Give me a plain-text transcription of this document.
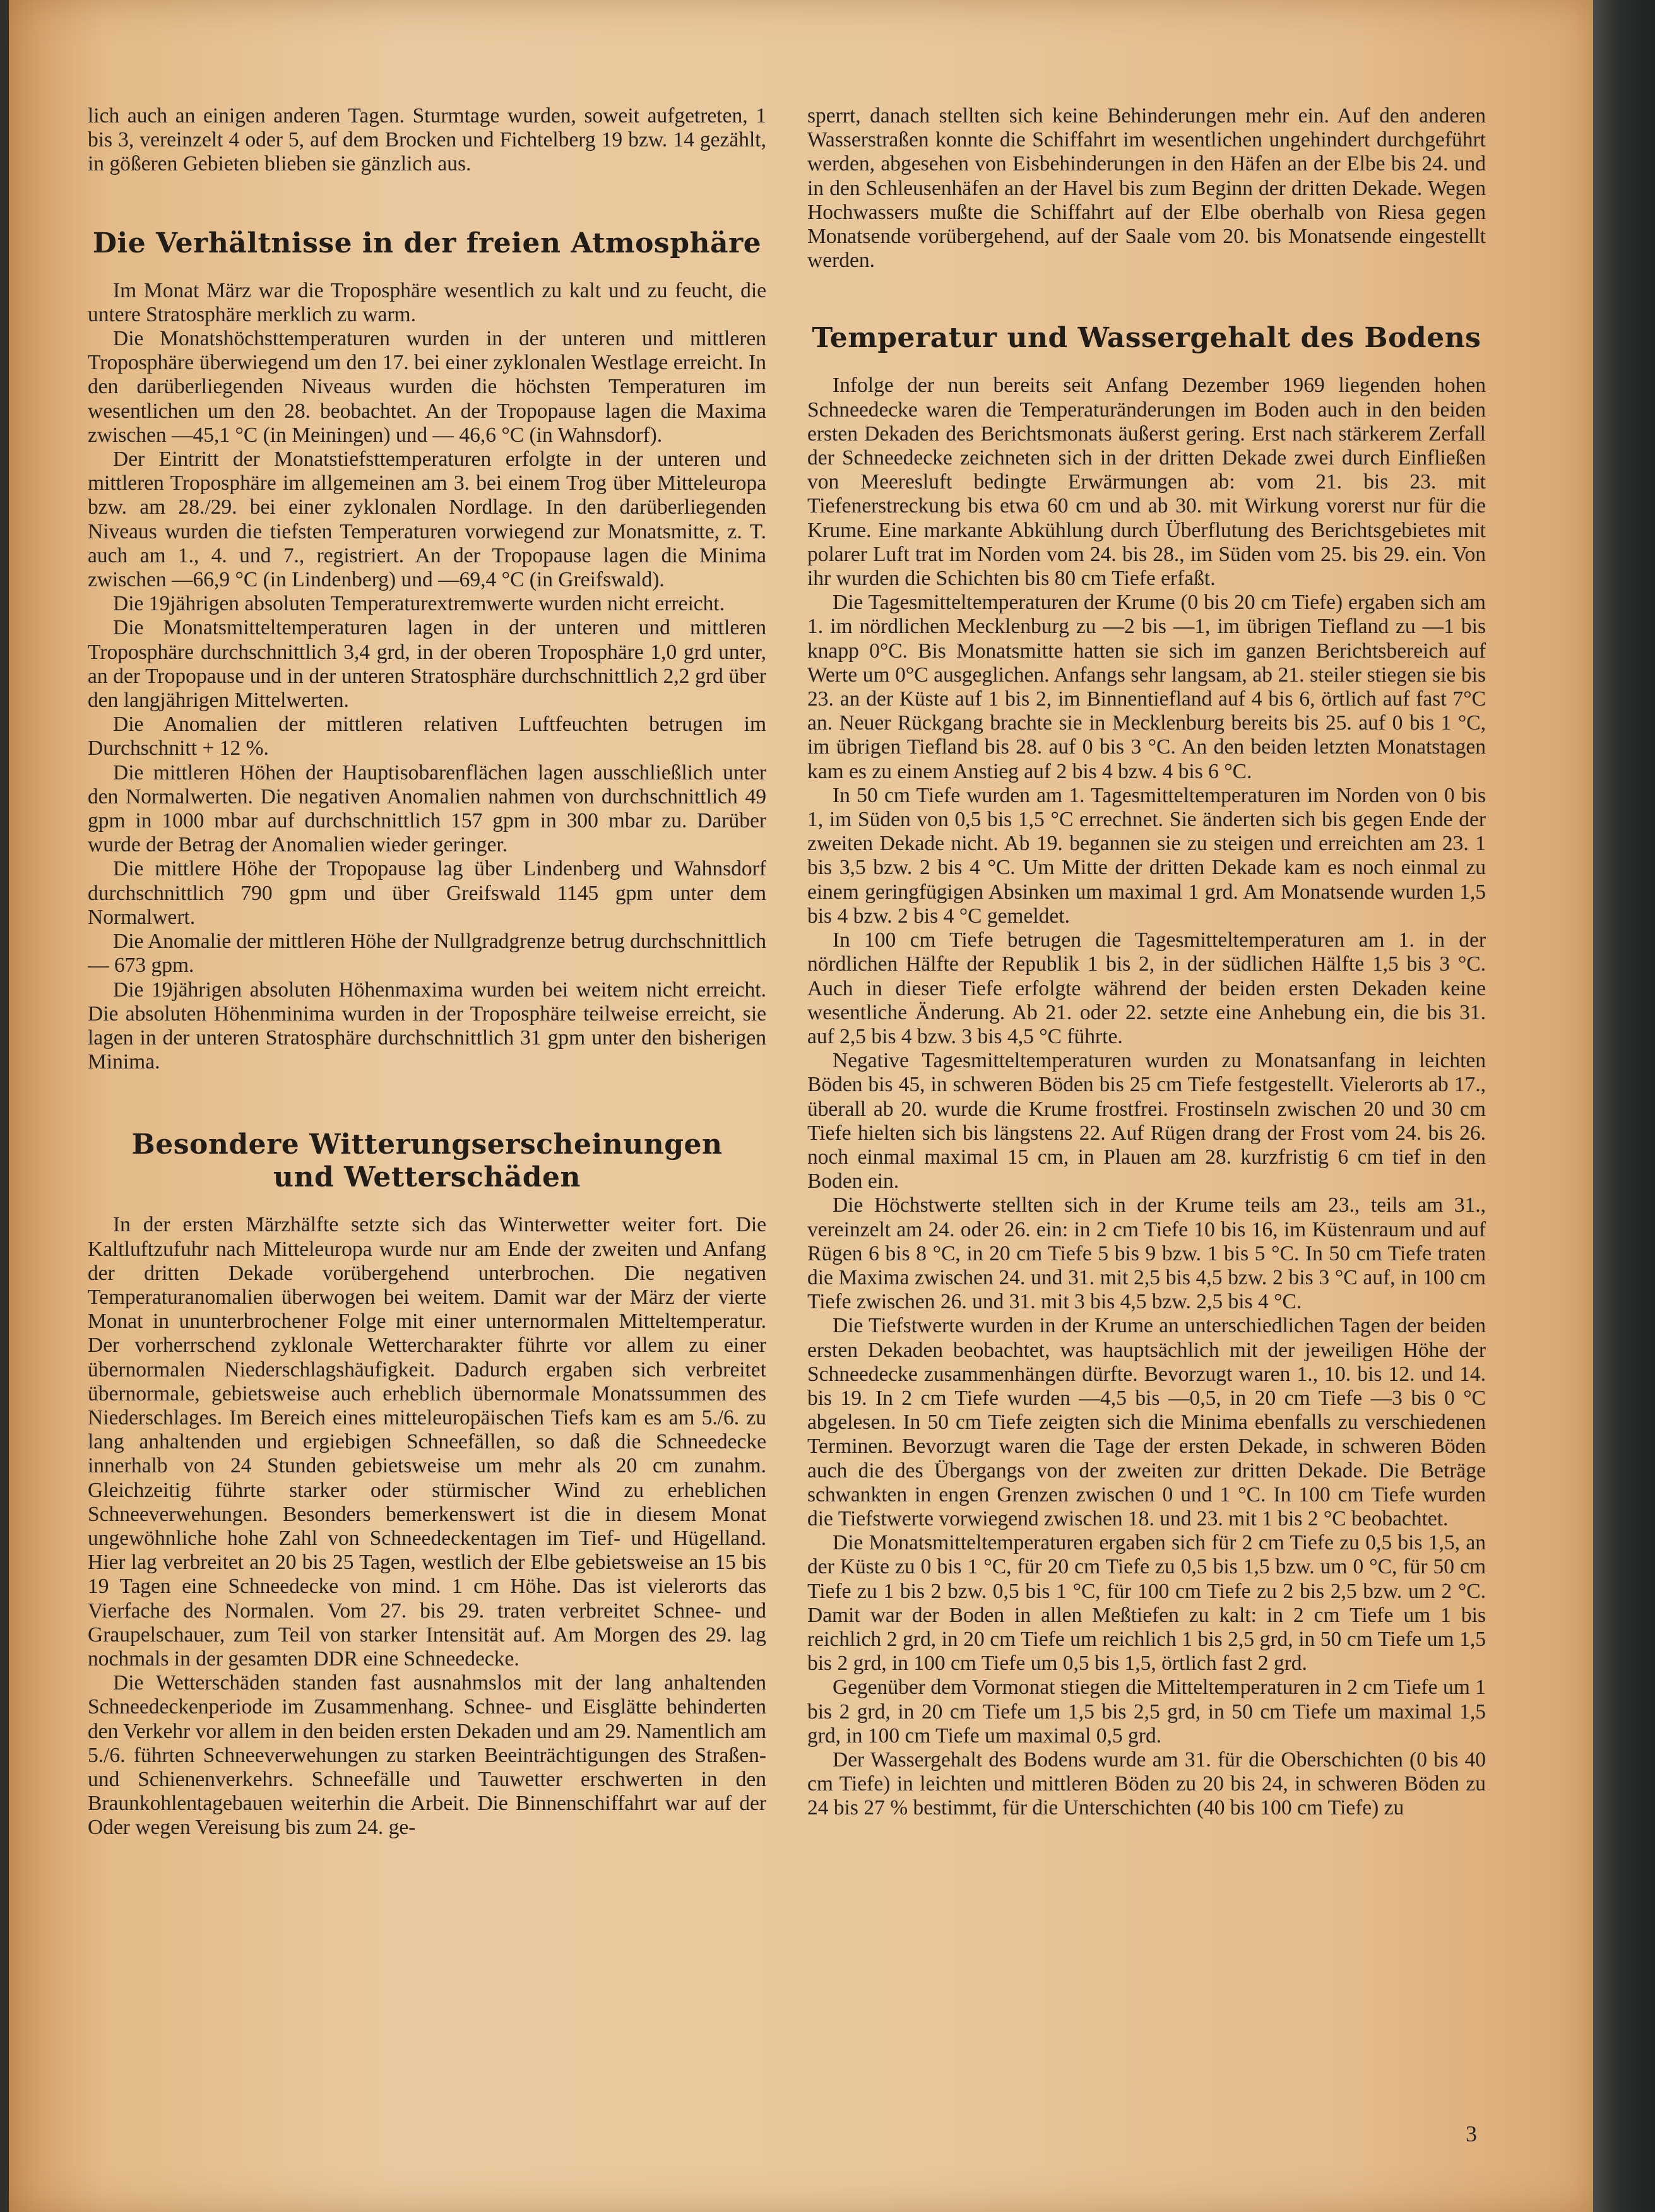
lich auch an einigen anderen Tagen. Sturmtage wurden, soweit aufgetreten, 1 bis 3, vereinzelt 4 oder 5, auf dem Brocken und Fichtelberg 19 bzw. 14 gezählt, in gößeren Gebieten blieben sie gänzlich aus.

Die Verhältnisse in der freien Atmosphäre

Im Monat März war die Troposphäre wesentlich zu kalt und zu feucht, die untere Stratosphäre merklich zu warm.

Die Monatshöchsttemperaturen wurden in der unteren und mittleren Troposphäre überwiegend um den 17. bei einer zyklonalen Westlage erreicht. In den darüberliegenden Niveaus wurden die höchsten Temperaturen im wesentlichen um den 28. beobachtet. An der Tropopause lagen die Maxima zwischen —45,1 °C (in Meiningen) und — 46,6 °C (in Wahnsdorf).

Der Eintritt der Monatstiefsttemperaturen erfolgte in der unteren und mittleren Troposphäre im allgemeinen am 3. bei einem Trog über Mitteleuropa bzw. am 28./29. bei einer zyklonalen Nordlage. In den darüberliegenden Niveaus wurden die tiefsten Temperaturen vorwiegend zur Monatsmitte, z. T. auch am 1., 4. und 7., registriert. An der Tropopause lagen die Minima zwischen —66,9 °C (in Lindenberg) und —69,4 °C (in Greifswald).

Die 19jährigen absoluten Temperaturextremwerte wurden nicht erreicht.

Die Monatsmitteltemperaturen lagen in der unteren und mittleren Troposphäre durchschnittlich 3,4 grd, in der oberen Troposphäre 1,0 grd unter, an der Tropopause und in der unteren Stratosphäre durchschnittlich 2,2 grd über den langjährigen Mittelwerten.

Die Anomalien der mittleren relativen Luftfeuchten betrugen im Durchschnitt + 12 %.

Die mittleren Höhen der Hauptisobarenflächen lagen ausschließlich unter den Normalwerten. Die negativen Anomalien nahmen von durchschnittlich 49 gpm in 1000 mbar auf durchschnittlich 157 gpm in 300 mbar zu. Darüber wurde der Betrag der Anomalien wieder geringer.

Die mittlere Höhe der Tropopause lag über Lindenberg und Wahnsdorf durchschnittlich 790 gpm und über Greifswald 1145 gpm unter dem Normalwert.

Die Anomalie der mittleren Höhe der Nullgradgrenze betrug durchschnittlich — 673 gpm.

Die 19jährigen absoluten Höhenmaxima wurden bei weitem nicht erreicht. Die absoluten Höhenminima wurden in der Troposphäre teilweise erreicht, sie lagen in der unteren Stratosphäre durchschnittlich 31 gpm unter den bisherigen Minima.

Besondere Witterungserscheinungen
und Wetterschäden

In der ersten Märzhälfte setzte sich das Winterwetter weiter fort. Die Kaltluftzufuhr nach Mitteleuropa wurde nur am Ende der zweiten und Anfang der dritten Dekade vorübergehend unterbrochen. Die negativen Temperaturanomalien überwogen bei weitem. Damit war der März der vierte Monat in ununterbrochener Folge mit einer unternormalen Mitteltemperatur. Der vorherrschend zyklonale Wettercharakter führte vor allem zu einer übernormalen Niederschlagshäufigkeit. Dadurch ergaben sich verbreitet übernormale, gebietsweise auch erheblich übernormale Monatssummen des Niederschlages. Im Bereich eines mitteleuropäischen Tiefs kam es am 5./6. zu lang anhaltenden und ergiebigen Schneefällen, so daß die Schneedecke innerhalb von 24 Stunden gebietsweise um mehr als 20 cm zunahm. Gleichzeitig führte starker oder stürmischer Wind zu erheblichen Schneeverwehungen. Besonders bemerkenswert ist die in diesem Monat ungewöhnliche hohe Zahl von Schneedeckentagen im Tief- und Hügelland. Hier lag verbreitet an 20 bis 25 Tagen, westlich der Elbe gebietsweise an 15 bis 19 Tagen eine Schneedecke von mind. 1 cm Höhe. Das ist vielerorts das Vierfache des Normalen. Vom 27. bis 29. traten verbreitet Schnee- und Graupelschauer, zum Teil von starker Intensität auf. Am Morgen des 29. lag nochmals in der gesamten DDR eine Schneedecke.

Die Wetterschäden standen fast ausnahmslos mit der lang anhaltenden Schneedeckenperiode im Zusammenhang. Schnee- und Eisglätte behinderten den Verkehr vor allem in den beiden ersten Dekaden und am 29. Namentlich am 5./6. führten Schneeverwehungen zu starken Beeinträchtigungen des Straßen- und Schienenverkehrs. Schneefälle und Tauwetter erschwerten in den Braunkohlentagebauen weiterhin die Arbeit. Die Binnenschiffahrt war auf der Oder wegen Vereisung bis zum 24. ge-

sperrt, danach stellten sich keine Behinderungen mehr ein. Auf den anderen Wasserstraßen konnte die Schiffahrt im wesentlichen ungehindert durchgeführt werden, abgesehen von Eisbehinderungen in den Häfen an der Elbe bis 24. und in den Schleusenhäfen an der Havel bis zum Beginn der dritten Dekade. Wegen Hochwassers mußte die Schiffahrt auf der Elbe oberhalb von Riesa gegen Monatsende vorübergehend, auf der Saale vom 20. bis Monatsende eingestellt werden.

Temperatur und Wassergehalt des Bodens

Infolge der nun bereits seit Anfang Dezember 1969 liegenden hohen Schneedecke waren die Temperaturänderungen im Boden auch in den beiden ersten Dekaden des Berichtsmonats äußerst gering. Erst nach stärkerem Zerfall der Schneedecke zeichneten sich in der dritten Dekade zwei durch Einfließen von Meeresluft bedingte Erwärmungen ab: vom 21. bis 23. mit Tiefenerstreckung bis etwa 60 cm und ab 30. mit Wirkung vorerst nur für die Krume. Eine markante Abkühlung durch Überflutung des Berichtsgebietes mit polarer Luft trat im Norden vom 24. bis 28., im Süden vom 25. bis 29. ein. Von ihr wurden die Schichten bis 80 cm Tiefe erfaßt.

Die Tagesmitteltemperaturen der Krume (0 bis 20 cm Tiefe) ergaben sich am 1. im nördlichen Mecklenburg zu —2 bis —1, im übrigen Tiefland zu —1 bis knapp 0°C. Bis Monatsmitte hatten sie sich im ganzen Berichtsbereich auf Werte um 0°C ausgeglichen. Anfangs sehr langsam, ab 21. steiler stiegen sie bis 23. an der Küste auf 1 bis 2, im Binnentiefland auf 4 bis 6, örtlich auf fast 7°C an. Neuer Rückgang brachte sie in Mecklenburg bereits bis 25. auf 0 bis 1 °C, im übrigen Tiefland bis 28. auf 0 bis 3 °C. An den beiden letzten Monatstagen kam es zu einem Anstieg auf 2 bis 4 bzw. 4 bis 6 °C.

In 50 cm Tiefe wurden am 1. Tagesmitteltemperaturen im Norden von 0 bis 1, im Süden von 0,5 bis 1,5 °C errechnet. Sie änderten sich bis gegen Ende der zweiten Dekade nicht. Ab 19. begannen sie zu steigen und erreichten am 23. 1 bis 3,5 bzw. 2 bis 4 °C. Um Mitte der dritten Dekade kam es noch einmal zu einem geringfügigen Absinken um maximal 1 grd. Am Monatsende wurden 1,5 bis 4 bzw. 2 bis 4 °C gemeldet.

In 100 cm Tiefe betrugen die Tagesmitteltemperaturen am 1. in der nördlichen Hälfte der Republik 1 bis 2, in der südlichen Hälfte 1,5 bis 3 °C. Auch in dieser Tiefe erfolgte während der beiden ersten Dekaden keine wesentliche Änderung. Ab 21. oder 22. setzte eine Anhebung ein, die bis 31. auf 2,5 bis 4 bzw. 3 bis 4,5 °C führte.

Negative Tagesmitteltemperaturen wurden zu Monatsanfang in leichten Böden bis 45, in schweren Böden bis 25 cm Tiefe festgestellt. Vielerorts ab 17., überall ab 20. wurde die Krume frostfrei. Frostinseln zwischen 20 und 30 cm Tiefe hielten sich bis längstens 22. Auf Rügen drang der Frost vom 24. bis 26. noch einmal maximal 15 cm, in Plauen am 28. kurzfristig 6 cm tief in den Boden ein.

Die Höchstwerte stellten sich in der Krume teils am 23., teils am 31., vereinzelt am 24. oder 26. ein: in 2 cm Tiefe 10 bis 16, im Küstenraum und auf Rügen 6 bis 8 °C, in 20 cm Tiefe 5 bis 9 bzw. 1 bis 5 °C. In 50 cm Tiefe traten die Maxima zwischen 24. und 31. mit 2,5 bis 4,5 bzw. 2 bis 3 °C auf, in 100 cm Tiefe zwischen 26. und 31. mit 3 bis 4,5 bzw. 2,5 bis 4 °C.

Die Tiefstwerte wurden in der Krume an unterschiedlichen Tagen der beiden ersten Dekaden beobachtet, was hauptsächlich mit der jeweiligen Höhe der Schneedecke zusammenhängen dürfte. Bevorzugt waren 1., 10. bis 12. und 14. bis 19. In 2 cm Tiefe wurden —4,5 bis —0,5, in 20 cm Tiefe —3 bis 0 °C abgelesen. In 50 cm Tiefe zeigten sich die Minima ebenfalls zu verschiedenen Terminen. Bevorzugt waren die Tage der ersten Dekade, in schweren Böden auch die des Übergangs von der zweiten zur dritten Dekade. Die Beträge schwankten in engen Grenzen zwischen 0 und 1 °C. In 100 cm Tiefe wurden die Tiefstwerte vorwiegend zwischen 18. und 23. mit 1 bis 2 °C beobachtet.

Die Monatsmitteltemperaturen ergaben sich für 2 cm Tiefe zu 0,5 bis 1,5, an der Küste zu 0 bis 1 °C, für 20 cm Tiefe zu 0,5 bis 1,5 bzw. um 0 °C, für 50 cm Tiefe zu 1 bis 2 bzw. 0,5 bis 1 °C, für 100 cm Tiefe zu 2 bis 2,5 bzw. um 2 °C. Damit war der Boden in allen Meßtiefen zu kalt: in 2 cm Tiefe um 1 bis reichlich 2 grd, in 20 cm Tiefe um reichlich 1 bis 2,5 grd, in 50 cm Tiefe um 1,5 bis 2 grd, in 100 cm Tiefe um 0,5 bis 1,5, örtlich fast 2 grd.

Gegenüber dem Vormonat stiegen die Mitteltemperaturen in 2 cm Tiefe um 1 bis 2 grd, in 20 cm Tiefe um 1,5 bis 2,5 grd, in 50 cm Tiefe um maximal 1,5 grd, in 100 cm Tiefe um maximal 0,5 grd.

Der Wassergehalt des Bodens wurde am 31. für die Oberschichten (0 bis 40 cm Tiefe) in leichten und mittleren Böden zu 20 bis 24, in schweren Böden zu 24 bis 27 % bestimmt, für die Unterschichten (40 bis 100 cm Tiefe) zu

3
